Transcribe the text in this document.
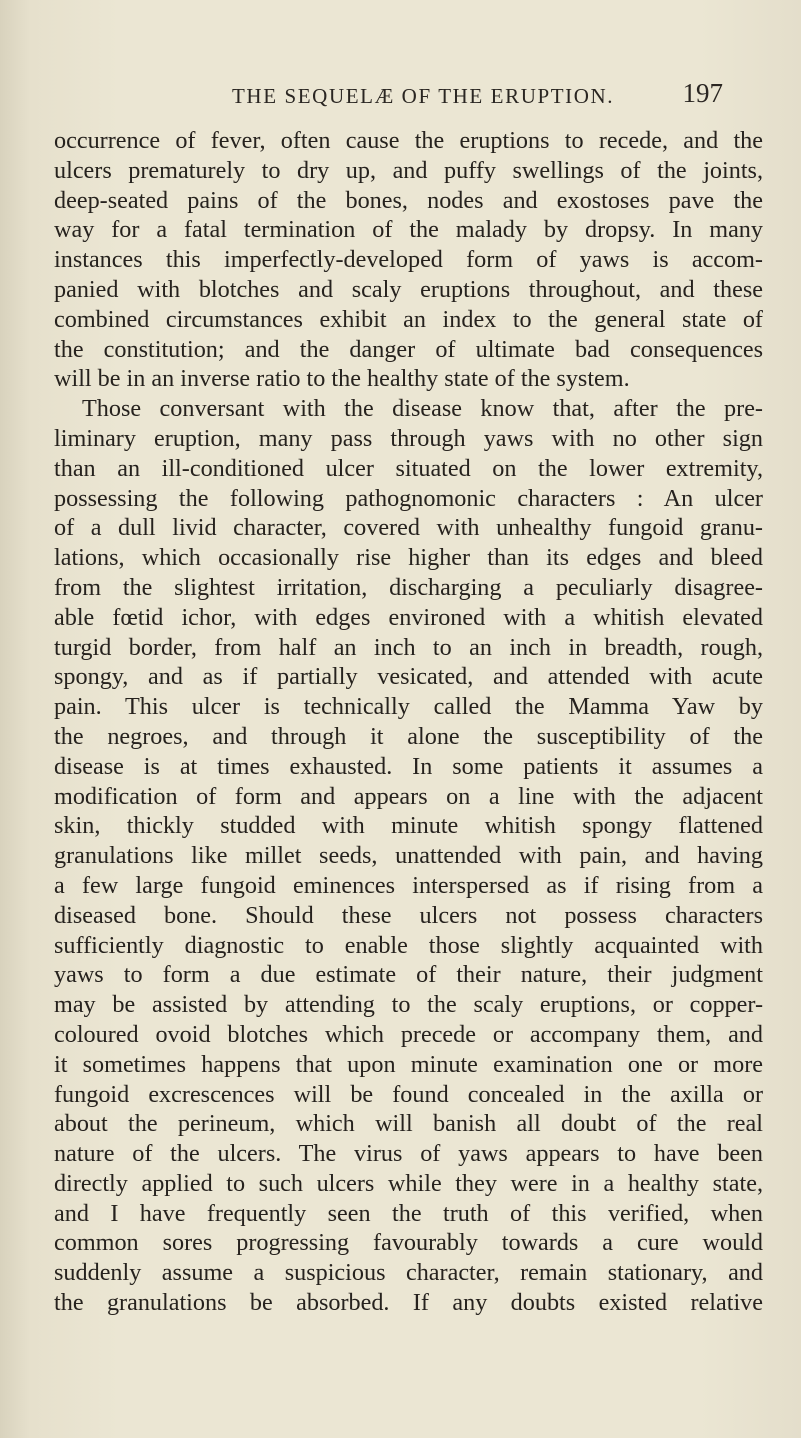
THE SEQUELÆ OF THE ERUPTION.	197
occurrence of fever, often cause the eruptions to recede, and the
ulcers prematurely to dry up, and puffy swellings of the joints,
deep-seated pains of the bones, nodes and exostoses pave the
way for a fatal termination of the malady by dropsy. In many
instances this imperfectly-developed form of yaws is accom-
panied with blotches and scaly eruptions throughout, and these
combined circumstances exhibit an index to the general state of
the constitution; and the danger of ultimate bad consequences
will be in an inverse ratio to the healthy state of the system.
Those conversant with the disease know that, after the pre-
liminary eruption, many pass through yaws with no other sign
than an ill-conditioned ulcer situated on the lower extremity,
possessing the following pathognomonic characters : An ulcer
of a dull livid character, covered with unhealthy fungoid granu-
lations, which occasionally rise higher than its edges and bleed
from the slightest irritation, discharging a peculiarly disagree-
able fœtid ichor, with edges environed with a whitish elevated
turgid border, from half an inch to an inch in breadth, rough,
spongy, and as if partially vesicated, and attended with acute
pain. This ulcer is technically called the Mamma Yaw by
the negroes, and through it alone the susceptibility of the
disease is at times exhausted. In some patients it assumes a
modification of form and appears on a line with the adjacent
skin, thickly studded with minute whitish spongy flattened
granulations like millet seeds, unattended with pain, and having
a few large fungoid eminences interspersed as if rising from a
diseased bone. Should these ulcers not possess characters
sufficiently diagnostic to enable those slightly acquainted with
yaws to form a due estimate of their nature, their judgment
may be assisted by attending to the scaly eruptions, or copper-
coloured ovoid blotches which precede or accompany them, and
it sometimes happens that upon minute examination one or more
fungoid excrescences will be found concealed in the axilla or
about the perineum, which will banish all doubt of the real
nature of the ulcers. The virus of yaws appears to have been
directly applied to such ulcers while they were in a healthy state,
and I have frequently seen the truth of this verified, when
common sores progressing favourably towards a cure would
suddenly assume a suspicious character, remain stationary, and
the granulations be absorbed. If any doubts existed relative
